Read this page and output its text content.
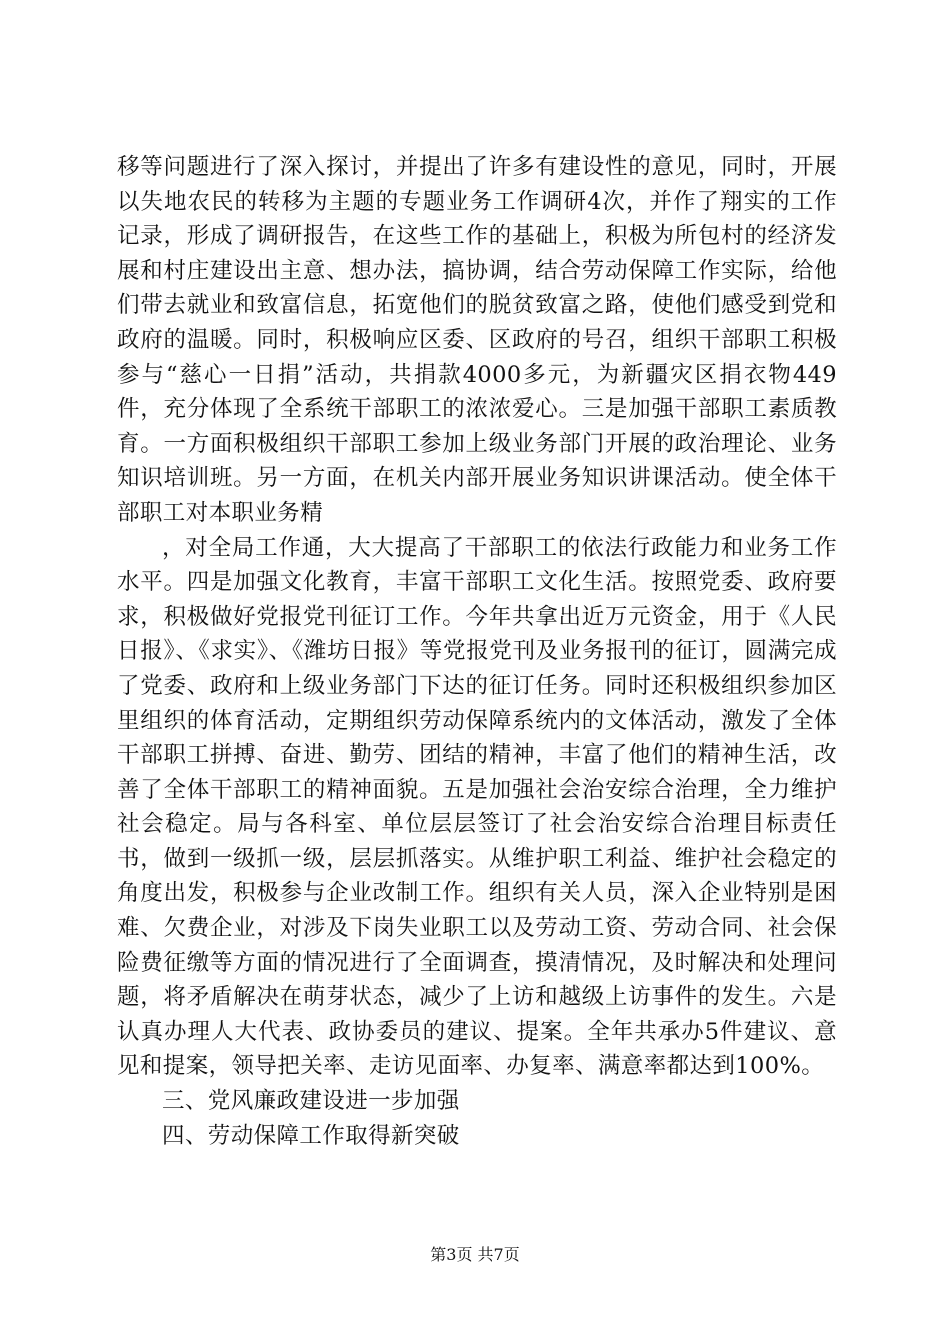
移等问题进行了深入探讨，并提出了许多有建设性的意见，同时，开展以失地农民的转移为主题的专题业务工作调研4次，并作了翔实的工作记录，形成了调研报告，在这些工作的基础上，积极为所包村的经济发展和村庄建设出主意、想办法，搞协调，结合劳动保障工作实际，给他们带去就业和致富信息，拓宽他们的脱贫致富之路，使他们感受到党和政府的温暖。同时，积极响应区委、区政府的号召，组织干部职工积极参与“慈心一日捐”活动，共捐款4000多元，为新疆灾区捐衣物449件，充分体现了全系统干部职工的浓浓爱心。三是加强干部职工素质教育。一方面积极组织干部职工参加上级业务部门开展的政治理论、业务知识培训班。另一方面，在机关内部开展业务知识讲课活动。使全体干部职工对本职业务精

，对全局工作通，大大提高了干部职工的依法行政能力和业务工作水平。四是加强文化教育，丰富干部职工文化生活。按照党委、政府要求，积极做好党报党刊征订工作。今年共拿出近万元资金，用于《人民日报》、《求实》、《潍坊日报》等党报党刊及业务报刊的征订，圆满完成了党委、政府和上级业务部门下达的征订任务。同时还积极组织参加区里组织的体育活动，定期组织劳动保障系统内的文体活动，激发了全体干部职工拼搏、奋进、勤劳、团结的精神，丰富了他们的精神生活，改善了全体干部职工的精神面貌。五是加强社会治安综合治理，全力维护社会稳定。局与各科室、单位层层签订了社会治安综合治理目标责任书，做到一级抓一级，层层抓落实。从维护职工利益、维护社会稳定的角度出发，积极参与企业改制工作。组织有关人员，深入企业特别是困难、欠费企业，对涉及下岗失业职工以及劳动工资、劳动合同、社会保险费征缴等方面的情况进行了全面调查，摸清情况，及时解决和处理问题，将矛盾解决在萌芽状态，减少了上访和越级上访事件的发生。六是认真办理人大代表、政协委员的建议、提案。全年共承办5件建议、意见和提案，领导把关率、走访见面率、办复率、满意率都达到100%。

三、党风廉政建设进一步加强

四、劳动保障工作取得新突破

第3页 共7页
